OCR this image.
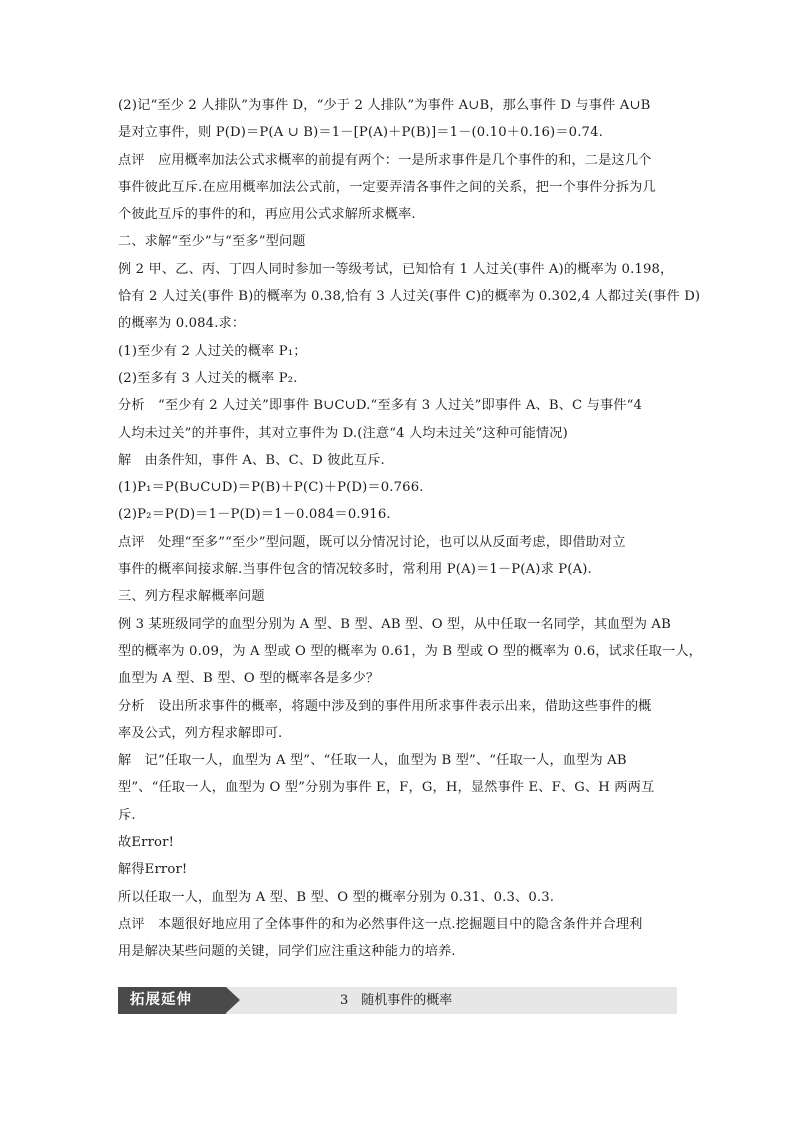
(2)记“至少 2 人排队”为事件 D，“少于 2 人排队”为事件 A∪B，那么事件 D 与事件 A∪B
是对立事件，则 P(D)＝P(A ∪ B)＝1－[P(A)＋P(B)]＝1－(0.10＋0.16)＝0.74.
点评　应用概率加法公式求概率的前提有两个：一是所求事件是几个事件的和，二是这几个
事件彼此互斥.在应用概率加法公式前，一定要弄清各事件之间的关系，把一个事件分拆为几
个彼此互斥的事件的和，再应用公式求解所求概率.
二、求解“至少”与“至多”型问题
例 2 甲、乙、丙、丁四人同时参加一等级考试，已知恰有 1 人过关(事件 A)的概率为 0.198，
恰有 2 人过关(事件 B)的概率为 0.38,恰有 3 人过关(事件 C)的概率为 0.302,4 人都过关(事件 D)
的概率为 0.084.求：
(1)至少有 2 人过关的概率 P₁；
(2)至多有 3 人过关的概率 P₂.
分析　“至少有 2 人过关”即事件 B∪C∪D.“至多有 3 人过关”即事件 A、B、C 与事件“4
人均未过关”的并事件，其对立事件为 D.(注意“4 人均未过关”这种可能情况)
解　由条件知，事件 A、B、C、D 彼此互斥.
(1)P₁＝P(B∪C∪D)＝P(B)＋P(C)＋P(D)＝0.766.
(2)P₂＝P(D)＝1－P(D)＝1－0.084＝0.916.
点评　处理“至多”“至少”型问题，既可以分情况讨论，也可以从反面考虑，即借助对立
事件的概率间接求解.当事件包含的情况较多时，常利用 P(A)＝1－P(A)求 P(A).
三、列方程求解概率问题
例 3 某班级同学的血型分别为 A 型、B 型、AB 型、O 型，从中任取一名同学，其血型为 AB
型的概率为 0.09，为 A 型或 O 型的概率为 0.61，为 B 型或 O 型的概率为 0.6，试求任取一人，
血型为 A 型、B 型、O 型的概率各是多少？
分析　设出所求事件的概率，将题中涉及到的事件用所求事件表示出来，借助这些事件的概
率及公式，列方程求解即可.
解　记“任取一人，血型为 A 型”、“任取一人，血型为 B 型”、“任取一人，血型为 AB
型”、“任取一人，血型为 O 型”分别为事件 E，F，G，H，显然事件 E、F、G、H 两两互
斥.
故Error!
解得Error!
所以任取一人，血型为 A 型、B 型、O 型的概率分别为 0.31、0.3、0.3.
点评　本题很好地应用了全体事件的和为必然事件这一点.挖掘题目中的隐含条件并合理利
用是解决某些问题的关键，同学们应注重这种能力的培养.
拓展延伸	3　随机事件的概率
